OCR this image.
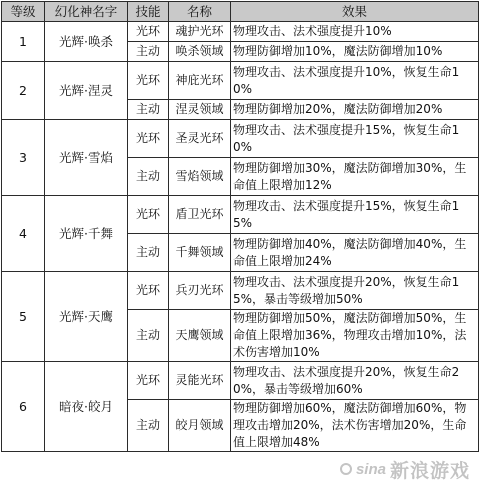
等级	幻化神名字	技能	名称	效果
1	光辉·唤杀	光环	魂护光环	物理攻击、法术强度提升10%
		主动	唤杀领域	物理防御增加10%，魔法防御增加10%
2	光辉·涅灵	光环	神庇光环	物理攻击、法术强度提升10%，恢复生命10%
		主动	涅灵领域	物理防御增加20%，魔法防御增加20%
3	光辉·雪焰	光环	圣灵光环	物理攻击、法术强度提升15%，恢复生命10%
		主动	雪焰领域	物理防御增加30%，魔法防御增加30%，生命值上限增加12%
4	光辉·千舞	光环	盾卫光环	物理攻击、法术强度提升15%，恢复生命15%
		主动	千舞领域	物理防御增加40%，魔法防御增加40%，生命值上限增加24%
5	光辉·天鹰	光环	兵刃光环	物理攻击、法术强度提升20%，恢复生命15%，暴击等级增加50%
		主动	天鹰领域	物理防御增加50%，魔法防御增加50%，生命值上限增加36%，物理攻击增加10%，法术伤害增加10%
6	暗夜·皎月	光环	灵能光环	物理攻击、法术强度提升20%，恢复生命20%，暴击等级增加60%
		主动	皎月领域	物理防御增加60%，魔法防御增加60%，物理攻击增加20%，法术伤害增加20%，生命值上限增加48%
sina 新浪游戏
